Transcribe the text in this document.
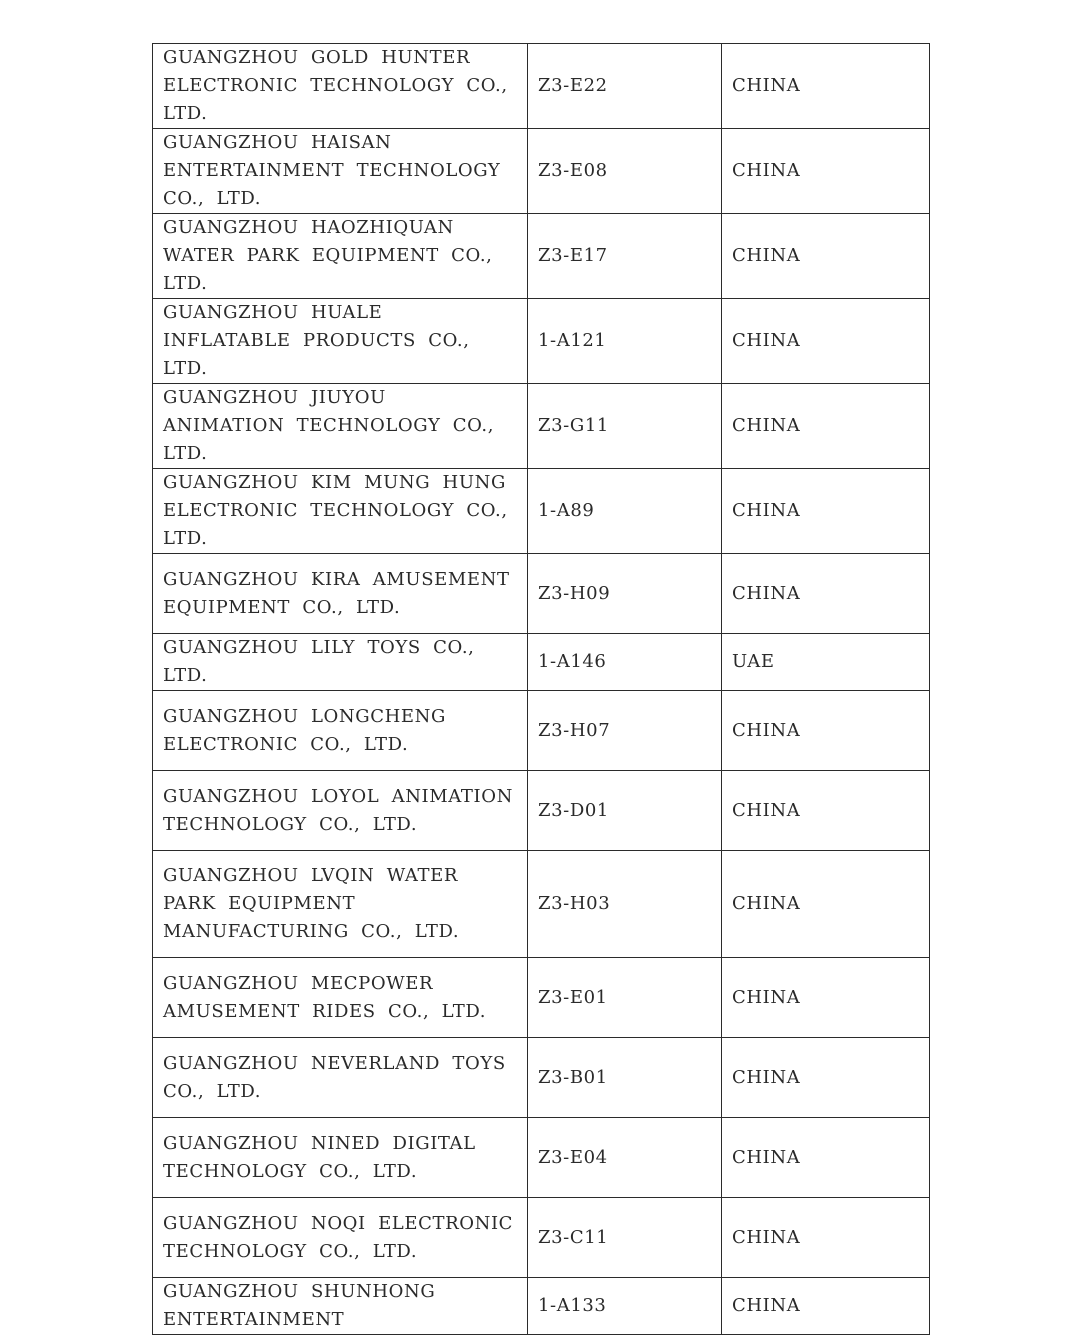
GUANGZHOU GOLD HUNTER ELECTRONIC TECHNOLOGY CO., LTD.	Z3-E22	CHINA
GUANGZHOU HAISAN ENTERTAINMENT TECHNOLOGY CO., LTD.	Z3-E08	CHINA
GUANGZHOU HAOZHIQUAN WATER PARK EQUIPMENT CO., LTD.	Z3-E17	CHINA
GUANGZHOU HUALE INFLATABLE PRODUCTS CO., LTD.	1-A121	CHINA
GUANGZHOU JIUYOU ANIMATION TECHNOLOGY CO., LTD.	Z3-G11	CHINA
GUANGZHOU KIM MUNG HUNG ELECTRONIC TECHNOLOGY CO., LTD.	1-A89	CHINA
GUANGZHOU KIRA AMUSEMENT EQUIPMENT CO., LTD.	Z3-H09	CHINA
GUANGZHOU LILY TOYS CO., LTD.	1-A146	UAE
GUANGZHOU LONGCHENG ELECTRONIC CO., LTD.	Z3-H07	CHINA
GUANGZHOU LOYOL ANIMATION TECHNOLOGY CO., LTD.	Z3-D01	CHINA
GUANGZHOU LVQIN WATER PARK EQUIPMENT MANUFACTURING CO., LTD.	Z3-H03	CHINA
GUANGZHOU MECPOWER AMUSEMENT RIDES CO., LTD.	Z3-E01	CHINA
GUANGZHOU NEVERLAND TOYS CO., LTD.	Z3-B01	CHINA
GUANGZHOU NINED DIGITAL TECHNOLOGY CO., LTD.	Z3-E04	CHINA
GUANGZHOU NOQI ELECTRONIC TECHNOLOGY CO., LTD.	Z3-C11	CHINA
GUANGZHOU SHUNHONG ENTERTAINMENT	1-A133	CHINA
